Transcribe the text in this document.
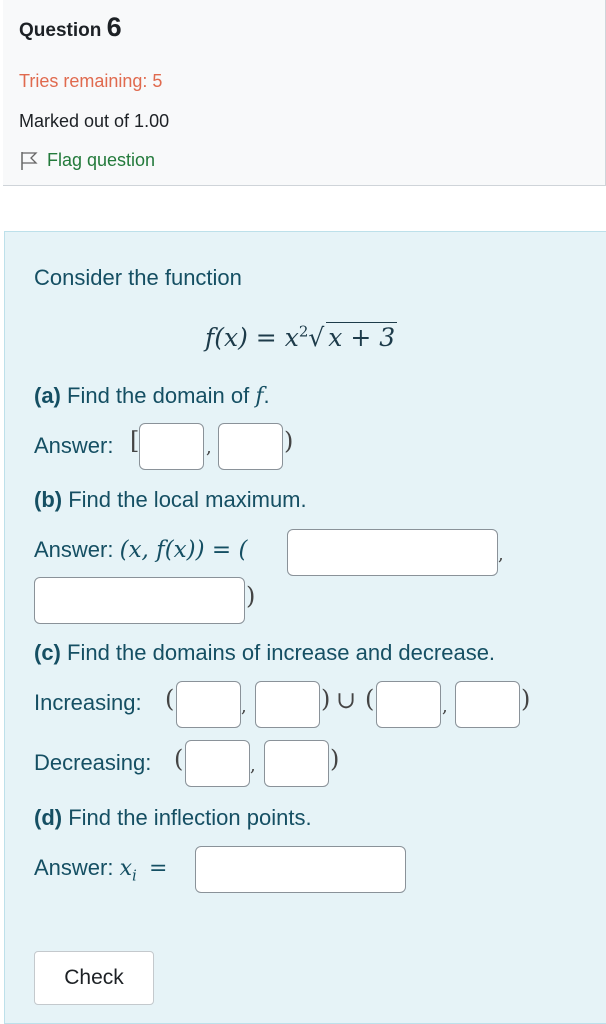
Question 6
Tries remaining: 5
Marked out of 1.00
Flag question
Consider the function
$f(x) = x^2√$ x + 3
(a) Find the domain of f.
Answer: [	,	)
(b) Find the local maximum.
Answer: (x, f(x)) = (	,
)
(c) Find the domains of increase and decrease.
Increasing: (	,	) ∪ (	,	)
Decreasing: (	,	)
(d) Find the inflection points.
Answer: $x_i$ =
Check
